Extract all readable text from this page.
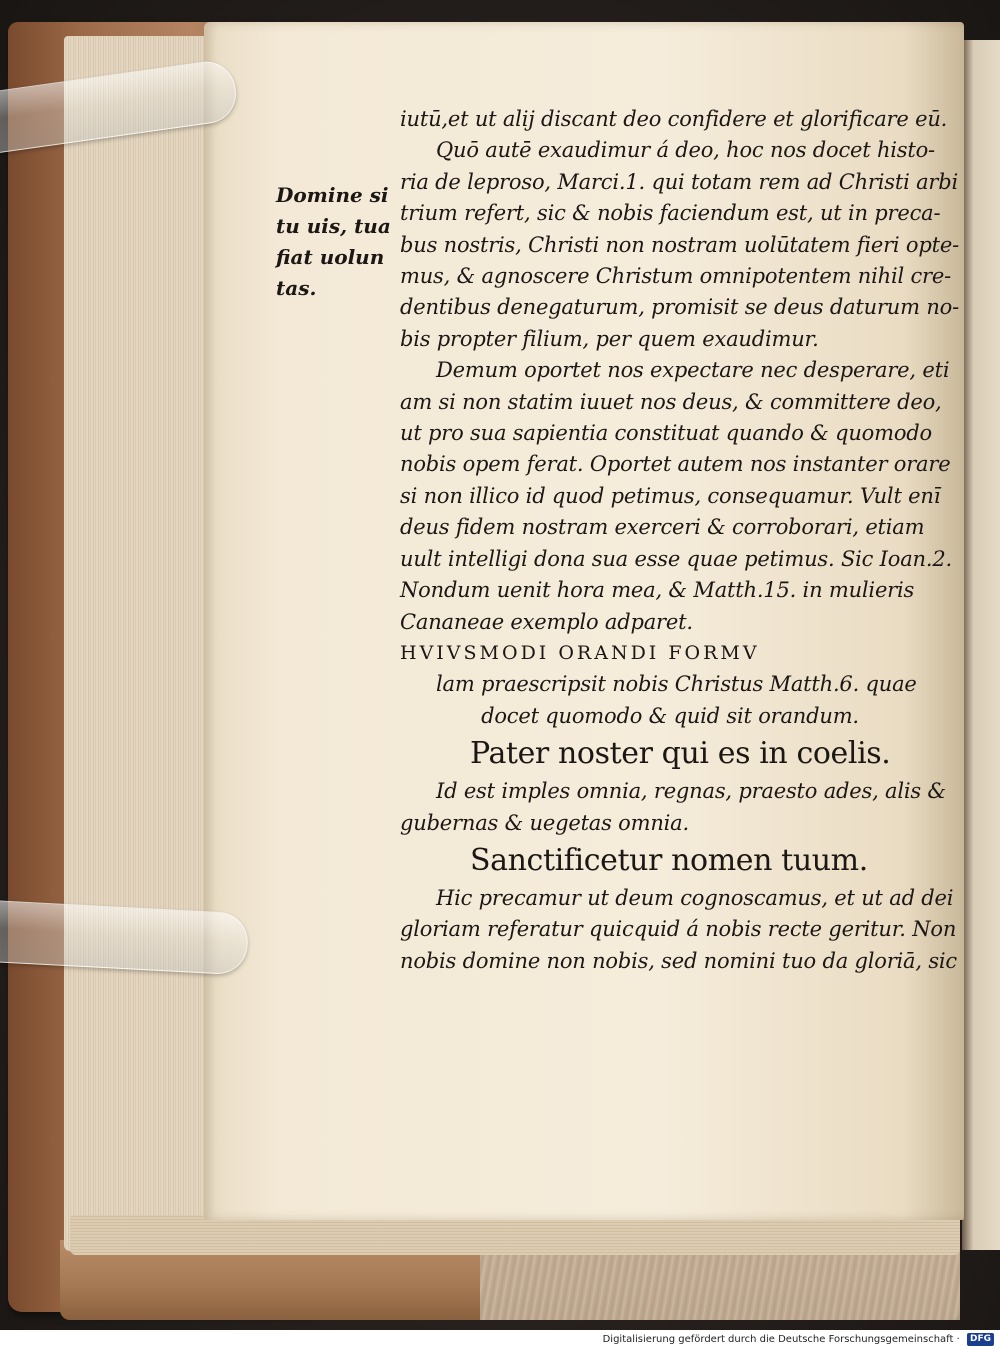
Domine si
tu uis, tua
fiat uolun
tas.
iutū,et ut alij discant deo confidere et glorificare eū.
Quō autē exaudimur á deo, hoc nos docet histo-
ria de leproso, Marci.1. qui totam rem ad Christi arbi
trium refert, sic & nobis faciendum est, ut in preca-
bus nostris, Christi non nostram uolūtatem fieri opte-
mus, & agnoscere Christum omnipotentem nihil cre-
dentibus denegaturum, promisit se deus daturum no-
bis propter filium, per quem exaudimur.
Demum oportet nos expectare nec desperare, eti
am si non statim iuuet nos deus, & committere deo,
ut pro sua sapientia constituat quando & quomodo
nobis opem ferat. Oportet autem nos instanter orare
si non illico id quod petimus, consequamur. Vult enī
deus fidem nostram exerceri & corroborari, etiam
uult intelligi dona sua esse quae petimus. Sic Ioan.2.
Nondum uenit hora mea, & Matth.15. in mulieris
Cananeae exemplo adparet.
HVIVSMODI ORANDI FORMV
lam praescripsit nobis Christus Matth.6. quae
docet quomodo & quid sit orandum.
Pater noster qui es in coelis.
Id est imples omnia, regnas, praesto ades, alis &
gubernas & uegetas omnia.
Sanctificetur nomen tuum.
Hic precamur ut deum cognoscamus, et ut ad dei
gloriam referatur quicquid á nobis recte geritur. Non
nobis domine non nobis, sed nomini tuo da gloriā, sic
Digitalisierung gefördert durch die Deutsche Forschungsgemeinschaft · DFG
